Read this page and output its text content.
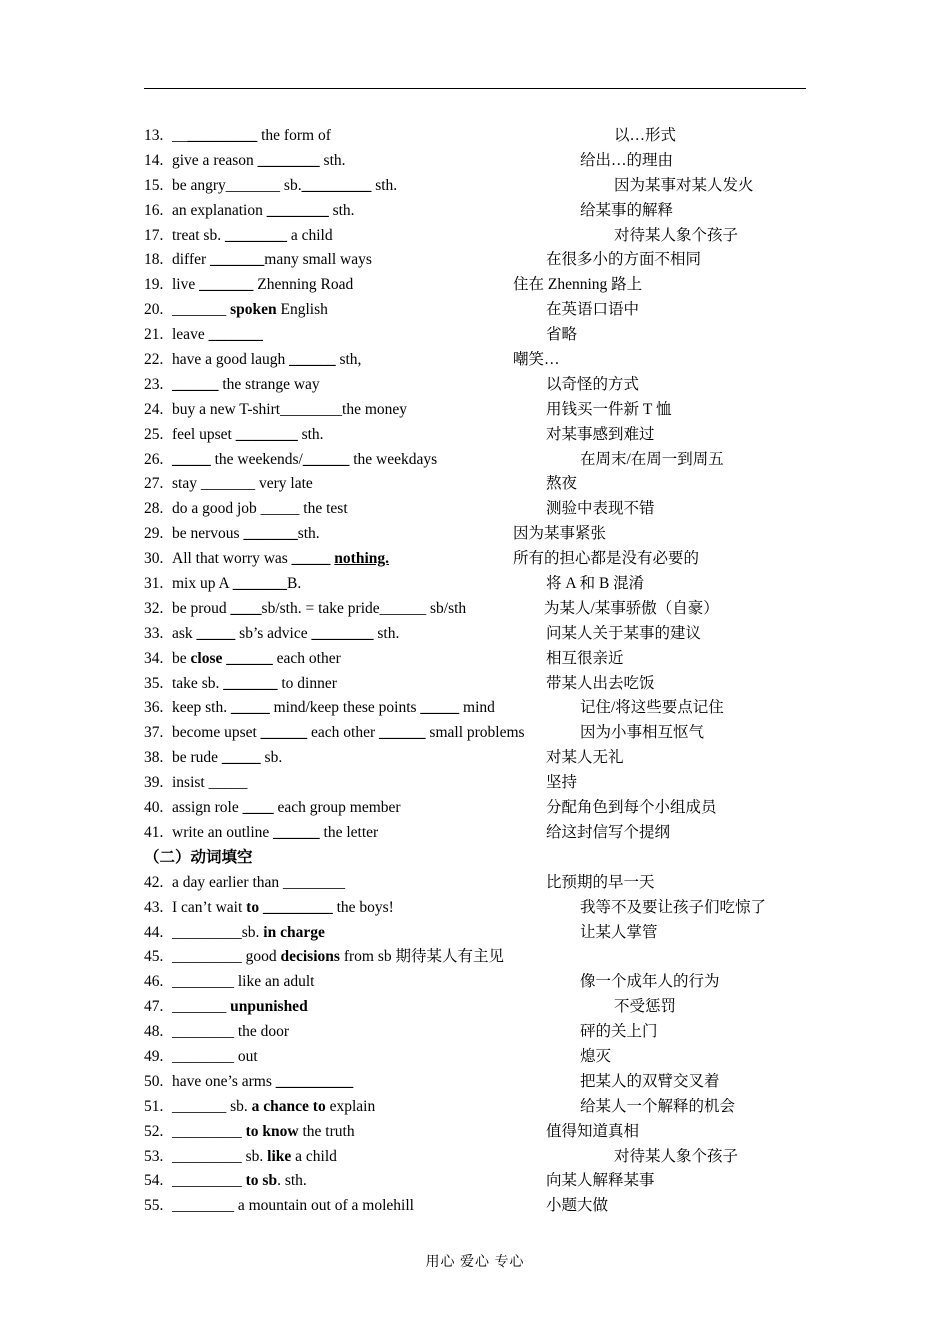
13. ___________ the form of	以…形式
14. give a reason ________ sth.	给出…的理由
15. be angry_______ sb._________ sth.	因为某事对某人发火
16. an explanation ________ sth.	给某事的解释
17. treat sb. ________ a child	对待某人象个孩子
18. differ _______many small ways	在很多小的方面不相同
19. live _______ Zhenning Road	住在 Zhenning 路上
20. _______ spoken English	在英语口语中
21. leave _______	省略
22. have a good laugh ______ sth,	嘲笑…
23. ______ the strange way	以奇怪的方式
24. buy a new T-shirt________the money	用钱买一件新 T 恤
25. feel upset ________ sth.	对某事感到难过
26. _____ the weekends/______ the weekdays	在周末/在周一到周五
27. stay _______ very late	熬夜
28. do a good job _____ the test	测验中表现不错
29. be nervous _______sth.	因为某事紧张
30. All that worry was _____ nothing.	所有的担心都是没有必要的
31. mix up A _______B.	将 A 和 B 混淆
32. be proud ____sb/sth. = take pride______ sb/sth	为某人/某事骄傲（自豪）
33. ask _____ sb’s advice ________ sth.	问某人关于某事的建议
34. be close ______ each other	相互很亲近
35. take sb. _______ to dinner	带某人出去吃饭
36. keep sth. _____ mind/keep these points _____ mind	记住/将这些要点记住
37. become upset ______ each other ______ small problems	因为小事相互怄气
38. be rude _____ sb.	对某人无礼
39. insist _____	坚持
40. assign role ____ each group member	分配角色到每个小组成员
41. write an outline ______ the letter	给这封信写个提纲
（二）动词填空
42. a day earlier than ________	比预期的早一天
43. I can’t wait to _________ the boys!	我等不及要让孩子们吃惊了
44. _________sb. in charge	让某人掌管
45. _________ good decisions from sb 期待某人有主见
46. ________ like an adult	像一个成年人的行为
47. _______ unpunished	不受惩罚
48. ________ the door	砰的关上门
49. ________ out	熄灭
50. have one’s arms __________	把某人的双臂交叉着
51. _______ sb. a chance to explain	给某人一个解释的机会
52. _________ to know the truth	值得知道真相
53. _________ sb. like a child	对待某人象个孩子
54. _________ to sb. sth.	向某人解释某事
55. ________ a mountain out of a molehill	小题大做
用心 爱心 专心
